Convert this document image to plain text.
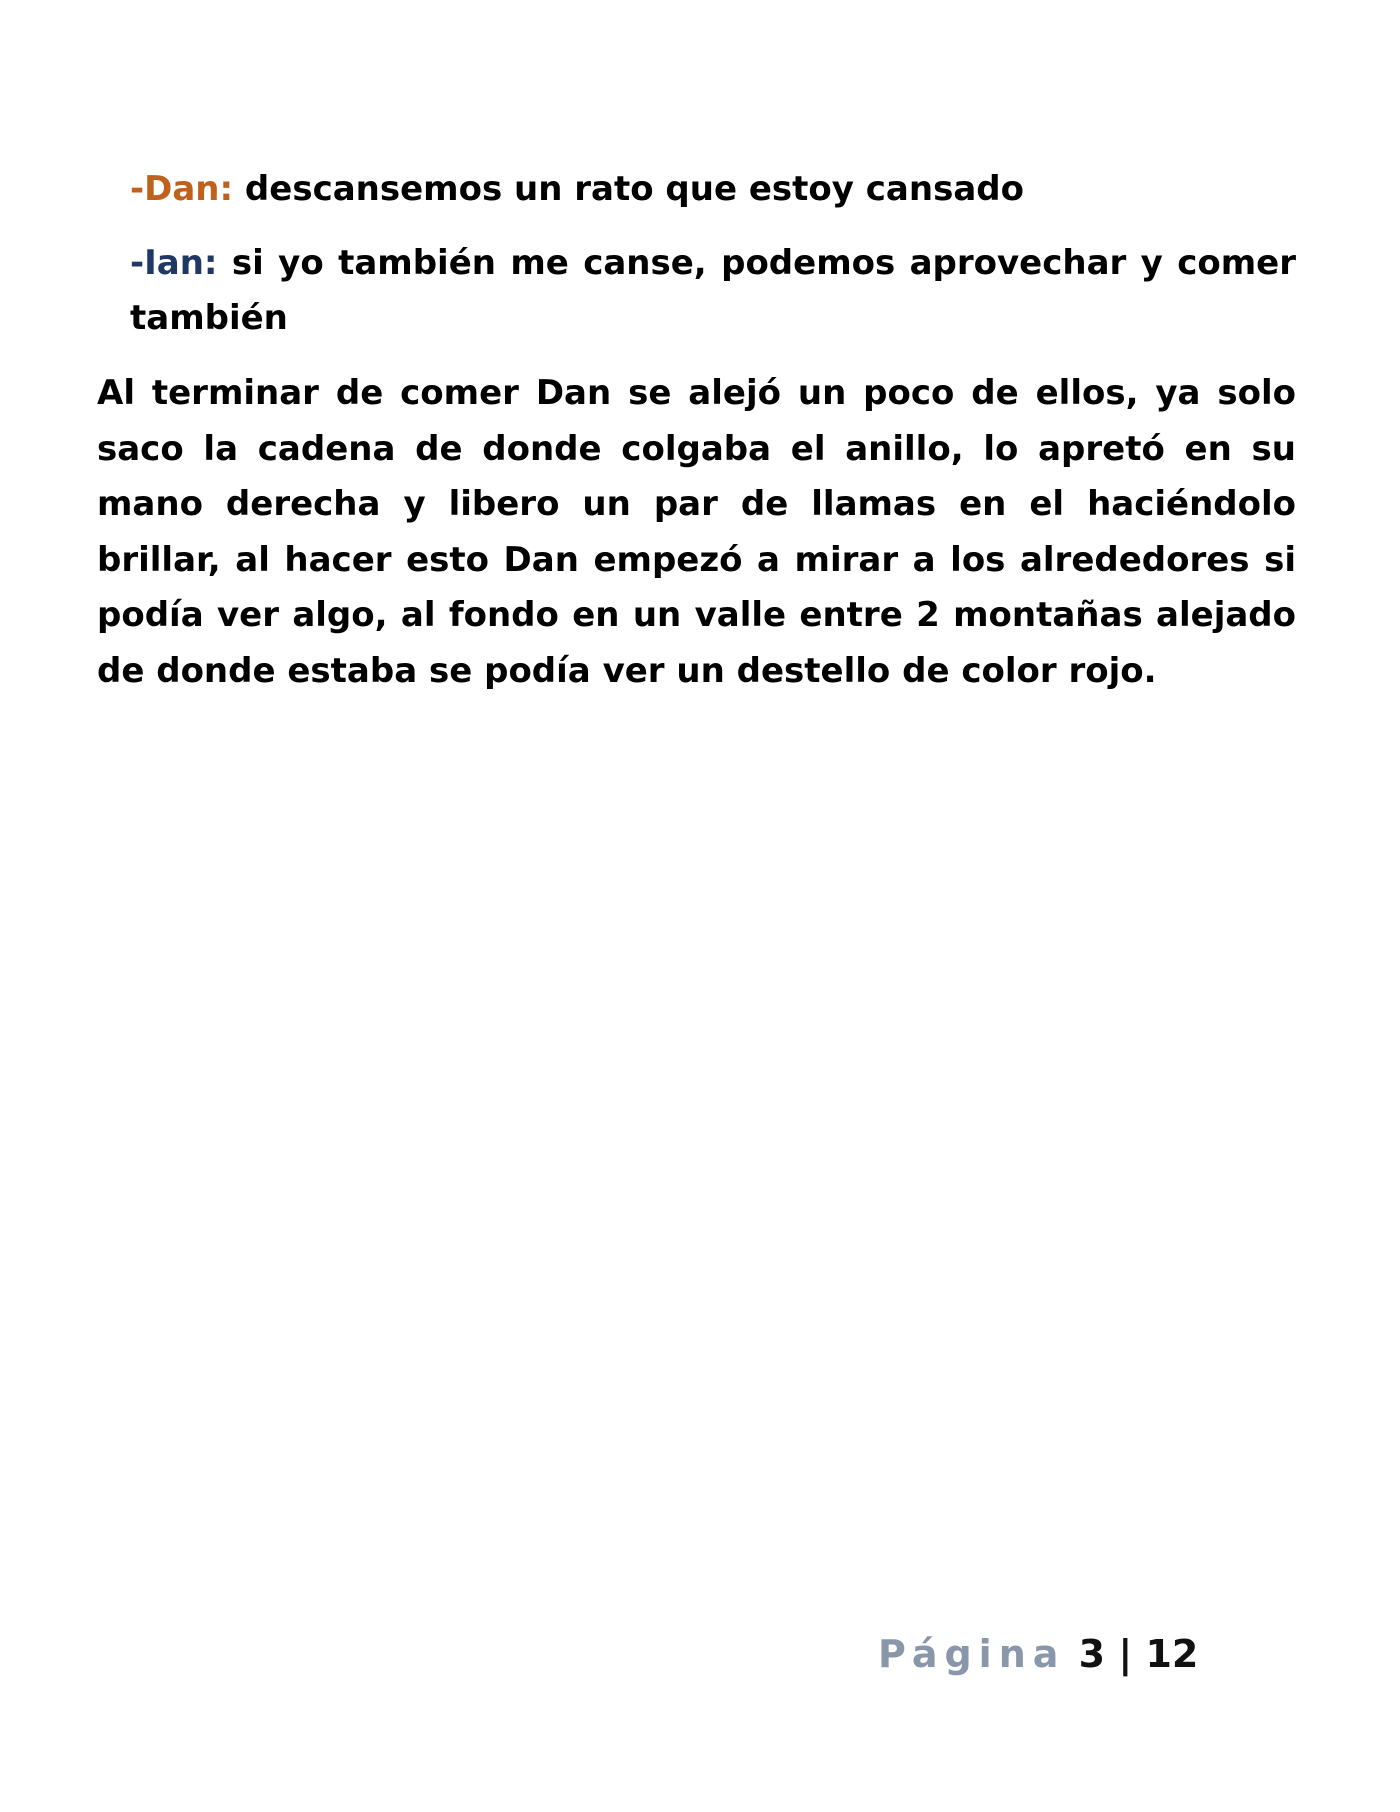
-Dan: descansemos un rato que estoy cansado

-Ian: si yo también me canse, podemos aprovechar y comer también

Al terminar de comer Dan se alejó un poco de ellos, ya solo saco la cadena de donde colgaba el anillo, lo apretó en su mano derecha y libero un par de llamas en el haciéndolo brillar, al hacer esto Dan empezó a mirar a los alrededores si podía ver algo, al fondo en un valle entre 2 montañas alejado de donde estaba se podía ver un destello de color rojo.

Página 3 | 12
